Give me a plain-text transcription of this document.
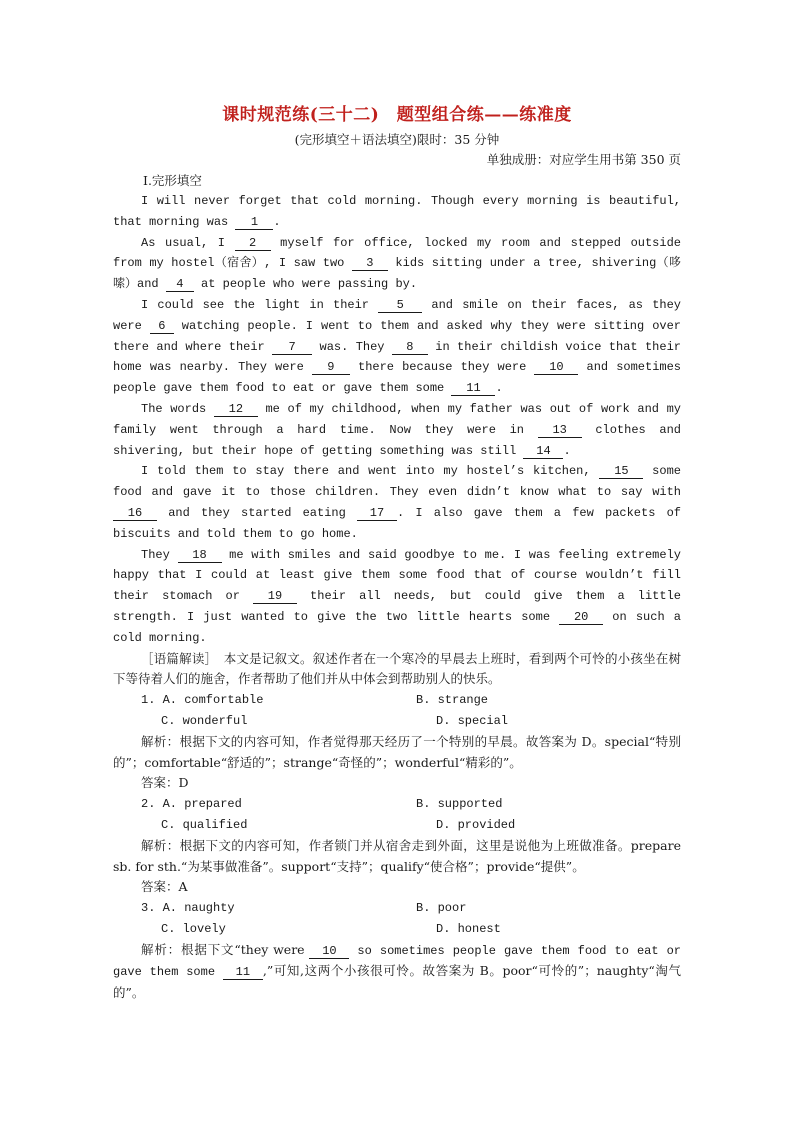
课时规范练(三十二)　题型组合练——练准度
(完形填空＋语法填空)限时：35 分钟
单独成册：对应学生用书第 350 页
Ⅰ.完形填空

I will never forget that cold morning. Though every morning is beautiful, that morning was 1 .

As usual, I 2 myself for office, locked my room and stepped outside from my hostel（宿舍）, I saw two 3 kids sitting under a tree, shivering（哆嗦）and 4 at people who were passing by.

I could see the light in their 5 and smile on their faces, as they were 6 watching people. I went to them and asked why they were sitting over there and where their 7 was. They 8 in their childish voice that their home was nearby. They were 9 there because they were 10 and sometimes people gave them food to eat or gave them some 11 .

The words 12 me of my childhood, when my father was out of work and my family went through a hard time. Now they were in 13 clothes and shivering, but their hope of getting something was still 14 .

I told them to stay there and went into my hostel’s kitchen, 15 some food and gave it to those children. They even didn’t know what to say with 16 and they started eating 17 . I also gave them a few packets of biscuits and told them to go home.

They 18 me with smiles and said goodbye to me. I was feeling extremely happy that I could at least give them some food that of course wouldn’t fill their stomach or 19 their all needs, but could give them a little strength. I just wanted to give the two little hearts some 20 on such a cold morning.

［语篇解读］　本文是记叙文。叙述作者在一个寒冷的早晨去上班时，看到两个可怜的小孩坐在树下等待着人们的施舍，作者帮助了他们并从中体会到帮助别人的快乐。

1. A. comfortable	B. strange
C. wonderful	D. special

解析：根据下文的内容可知，作者觉得那天经历了一个特别的早晨。故答案为 D。special“特别的”；comfortable“舒适的”；strange“奇怪的”；wonderful“精彩的”。

答案：D
2. A. prepared	B. supported
C. qualified	D. provided

解析：根据下文的内容可知，作者锁门并从宿舍走到外面，这里是说他为上班做准备。prepare sb. for sth.“为某事做准备”。support“支持”；qualify“使合格”；provide“提供”。

答案：A
3. A. naughty	B. poor
C. lovely	D. honest

解析：根据下文“they were 10 so sometimes people gave them food to eat or gave them some 11 ,”可知,这两个小孩很可怜。故答案为 B。poor“可怜的”；naughty“淘气的”。
